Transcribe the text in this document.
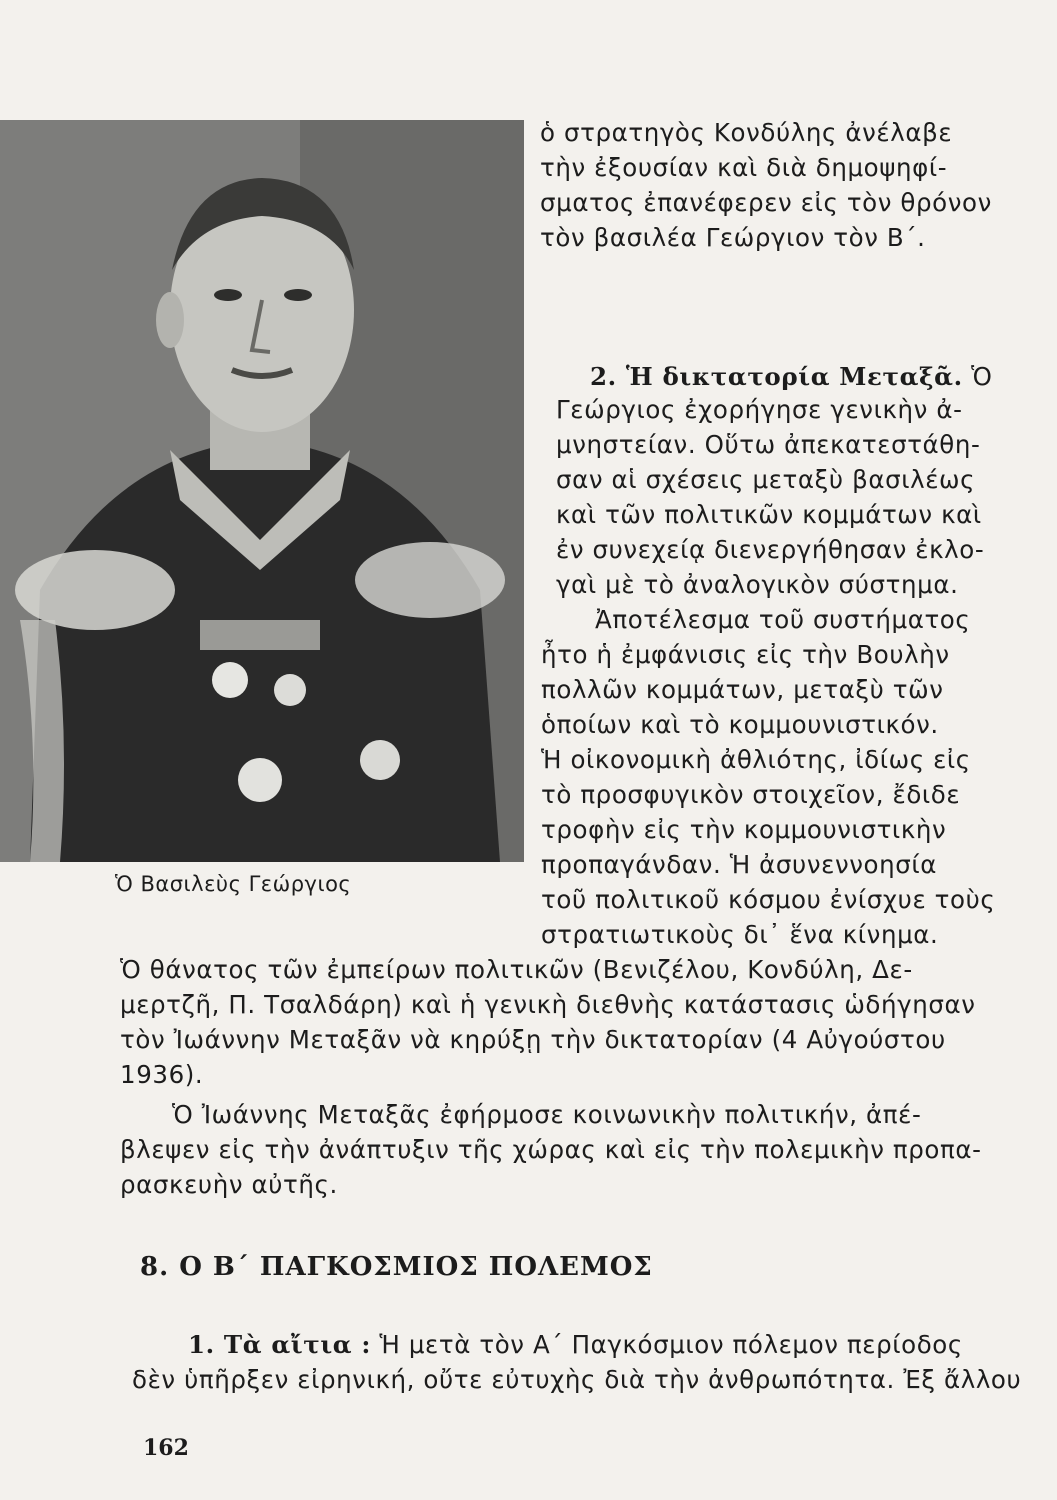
Ὁ Βασιλεὺς Γεώργιος
ὁ στρατηγὸς Κονδύλης ἀνέλαβε
τὴν ἐξουσίαν καὶ διὰ δημοψηφί-
σματος ἐπανέφερεν εἰς τὸν θρόνον
τὸν βασιλέα Γεώργιον τὸν Β΄.
2. Ἡ δικτατορία Μεταξᾶ. Ὁ
Γεώργιος ἐχορήγησε γενικὴν ἀ-
μνηστείαν. Οὕτω ἀπεκατεστάθη-
σαν αἱ σχέσεις μεταξὺ βασιλέως
καὶ τῶν πολιτικῶν κομμάτων καὶ
ἐν συνεχείᾳ διενεργήθησαν ἐκλο-
γαὶ μὲ τὸ ἀναλογικὸν σύστημα.
Ἀποτέλεσμα τοῦ συστήματος
ἦτο ἡ ἐμφάνισις εἰς τὴν Βουλὴν
πολλῶν κομμάτων, μεταξὺ τῶν
ὁποίων καὶ τὸ κομμουνιστικόν.
Ἡ οἰκονομικὴ ἀθλιότης, ἰδίως εἰς
τὸ προσφυγικὸν στοιχεῖον, ἔδιδε
τροφὴν εἰς τὴν κομμουνιστικὴν
προπαγάνδαν. Ἡ ἀσυνεννοησία
τοῦ πολιτικοῦ κόσμου ἐνίσχυε τοὺς
στρατιωτικοὺς δι᾿ ἕνα κίνημα.
Ὁ θάνατος τῶν ἐμπείρων πολιτικῶν (Βενιζέλου, Κονδύλη, Δε-
μερτζῆ, Π. Τσαλδάρη) καὶ ἡ γενικὴ διεθνὴς κατάστασις ὡδήγησαν
τὸν Ἰωάννην Μεταξᾶν νὰ κηρύξῃ τὴν δικτατορίαν (4 Αὐγούστου
1936).
Ὁ Ἰωάννης Μεταξᾶς ἐφήρμοσε κοινωνικὴν πολιτικήν, ἀπέ-
βλεψεν εἰς τὴν ἀνάπτυξιν τῆς χώρας καὶ εἰς τὴν πολεμικὴν προπα-
ρασκευὴν αὐτῆς.
8. Ο Β΄ ΠΑΓΚΟΣΜΙΟΣ ΠΟΛΕΜΟΣ
1. Τὰ αἴτια : Ἡ μετὰ τὸν Α΄ Παγκόσμιον πόλεμον περίοδος
δὲν ὑπῆρξεν εἰρηνική, οὔτε εὐτυχὴς διὰ τὴν ἀνθρωπότητα. Ἐξ ἄλλου
162
